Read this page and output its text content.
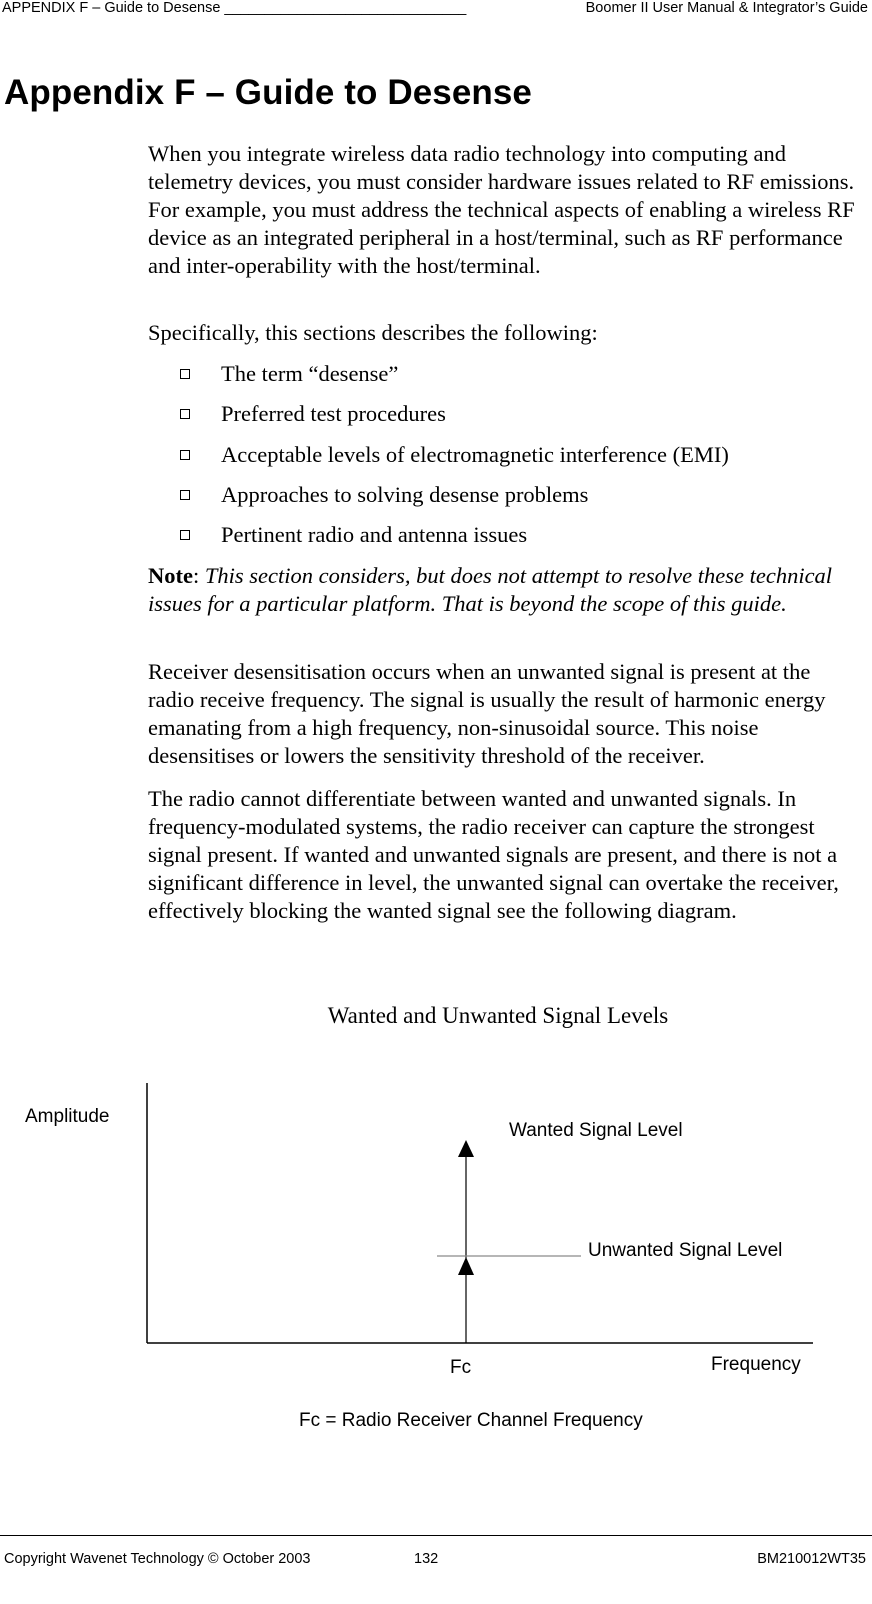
APPENDIX F – Guide to Desense ______________________________	Boomer II User Manual & Integrator’s Guide
Appendix F – Guide to Desense

When you integrate wireless data radio technology into computing and telemetry devices, you must consider hardware issues related to RF emissions. For example, you must address the technical aspects of enabling a wireless RF device as an integrated peripheral in a host/terminal, such as RF performance and inter-operability with the host/terminal.

Specifically, this sections describes the following:

The term “desense”
Preferred test procedures
Acceptable levels of electromagnetic interference (EMI)
Approaches to solving desense problems
Pertinent radio and antenna issues

Note: This section considers, but does not attempt to resolve these technical issues for a particular platform. That is beyond the scope of this guide.

Receiver desensitisation occurs when an unwanted signal is present at the radio receive frequency. The signal is usually the result of harmonic energy emanating from a high frequency, non-sinusoidal source. This noise desensitises or lowers the sensitivity threshold of the receiver.

The radio cannot differentiate between wanted and unwanted signals. In frequency-modulated systems, the radio receiver can capture the strongest signal present. If wanted and unwanted signals are present, and there is not a significant difference in level, the unwanted signal can overtake the receiver, effectively blocking the wanted signal see the following diagram.

Wanted and Unwanted Signal Levels
Amplitude
Wanted Signal Level
Unwanted Signal Level
Fc	Frequency
Fc = Radio Receiver Channel Frequency
Copyright Wavenet Technology © October 2003	132	BM210012WT35
